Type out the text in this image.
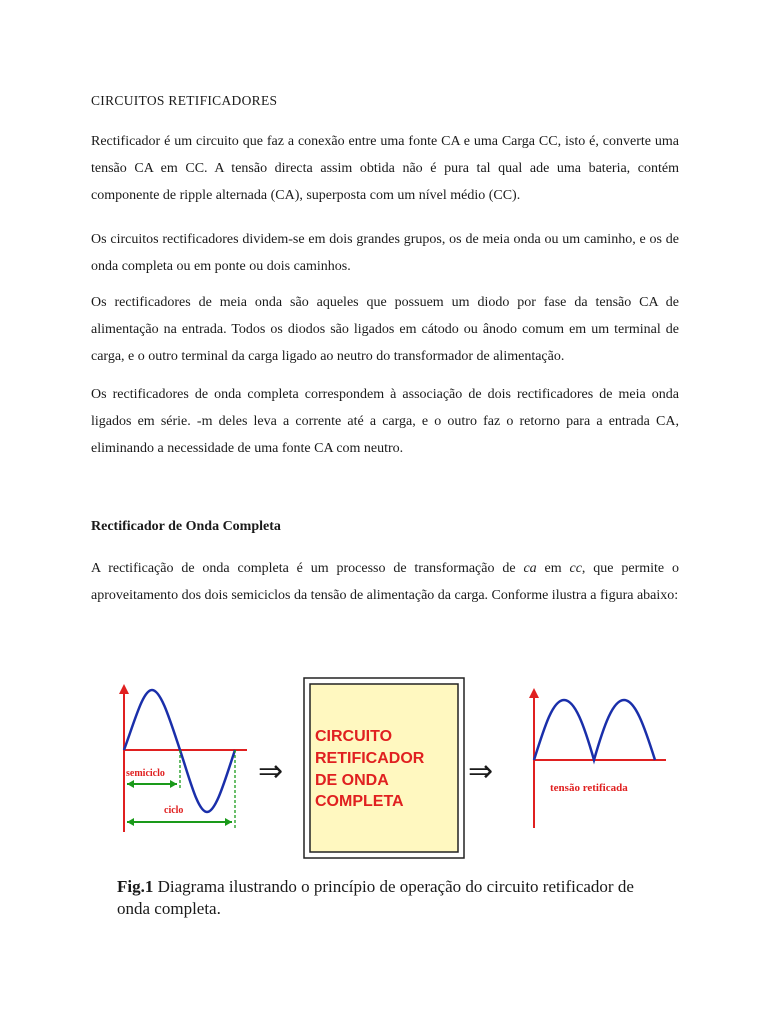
CIRCUITOS RETIFICADORES

Rectificador é um circuito que faz a conexão entre uma fonte CA e uma Carga CC, isto é, converte uma tensão CA em CC. A tensão directa assim obtida não é pura tal qual ade uma bateria, contém componente de ripple alternada (CA), superposta com um nível médio (CC).

Os circuitos rectificadores dividem-se em dois grandes grupos, os de meia onda ou um caminho, e os de onda completa ou em ponte ou dois caminhos.

Os rectificadores de meia onda são aqueles que possuem um diodo por fase da tensão CA de alimentação na entrada. Todos os diodos são ligados em cátodo ou ânodo comum em um terminal de carga, e o outro terminal da carga ligado ao neutro do transformador de alimentação.

Os rectificadores de onda completa correspondem à associação de dois rectificadores de meia onda ligados em série. -m deles leva a corrente até a carga, e o outro faz o retorno para a entrada CA, eliminando a necessidade de uma fonte CA com neutro.

Rectificador de Onda Completa

A rectificação de onda completa é um processo de transformação de ca em cc, que permite o aproveitamento dos dois semiciclos da tensão de alimentação da carga. Conforme ilustra a figura abaixo:

semiciclo
ciclo
⇒
CIRCUITO
RETIFICADOR
DE ONDA
COMPLETA
⇒	tensão retificada

Fig.1 Diagrama ilustrando o princípio de operação do circuito retificador de onda completa.
